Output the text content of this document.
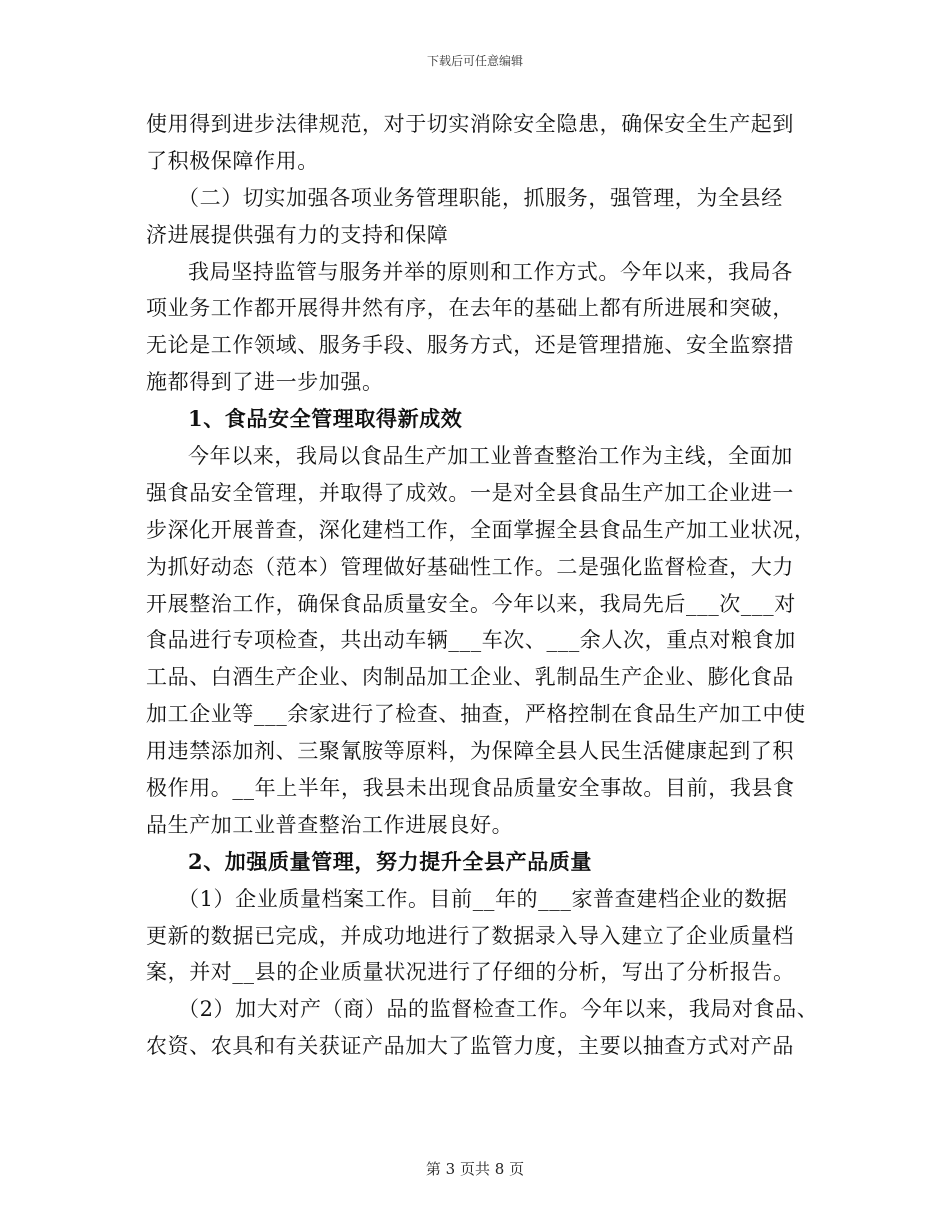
下载后可任意编辑
使用得到进步法律规范，对于切实消除安全隐患，确保安全生产起到
了积极保障作用。
（二）切实加强各项业务管理职能，抓服务，强管理，为全县经
济进展提供强有力的支持和保障
我局坚持监管与服务并举的原则和工作方式。今年以来，我局各
项业务工作都开展得井然有序，在去年的基础上都有所进展和突破，
无论是工作领域、服务手段、服务方式，还是管理措施、安全监察措
施都得到了进一步加强。
1、食品安全管理取得新成效
今年以来，我局以食品生产加工业普查整治工作为主线，全面加
强食品安全管理，并取得了成效。一是对全县食品生产加工企业进一
步深化开展普查，深化建档工作，全面掌握全县食品生产加工业状况，
为抓好动态（范本）管理做好基础性工作。二是强化监督检查，大力
开展整治工作，确保食品质量安全。今年以来，我局先后___次___对
食品进行专项检查，共出动车辆___车次、___余人次，重点对粮食加
工品、白酒生产企业、肉制品加工企业、乳制品生产企业、膨化食品
加工企业等___余家进行了检查、抽查，严格控制在食品生产加工中使
用违禁添加剂、三聚氰胺等原料，为保障全县人民生活健康起到了积
极作用。__年上半年，我县未出现食品质量安全事故。目前，我县食
品生产加工业普查整治工作进展良好。
2、加强质量管理，努力提升全县产品质量
（1）企业质量档案工作。目前__年的___家普查建档企业的数据
更新的数据已完成，并成功地进行了数据录入导入建立了企业质量档
案，并对__县的企业质量状况进行了仔细的分析，写出了分析报告。
（2）加大对产（商）品的监督检查工作。今年以来，我局对食品、
农资、农具和有关获证产品加大了监管力度，主要以抽查方式对产品
第 3 页共 8 页
